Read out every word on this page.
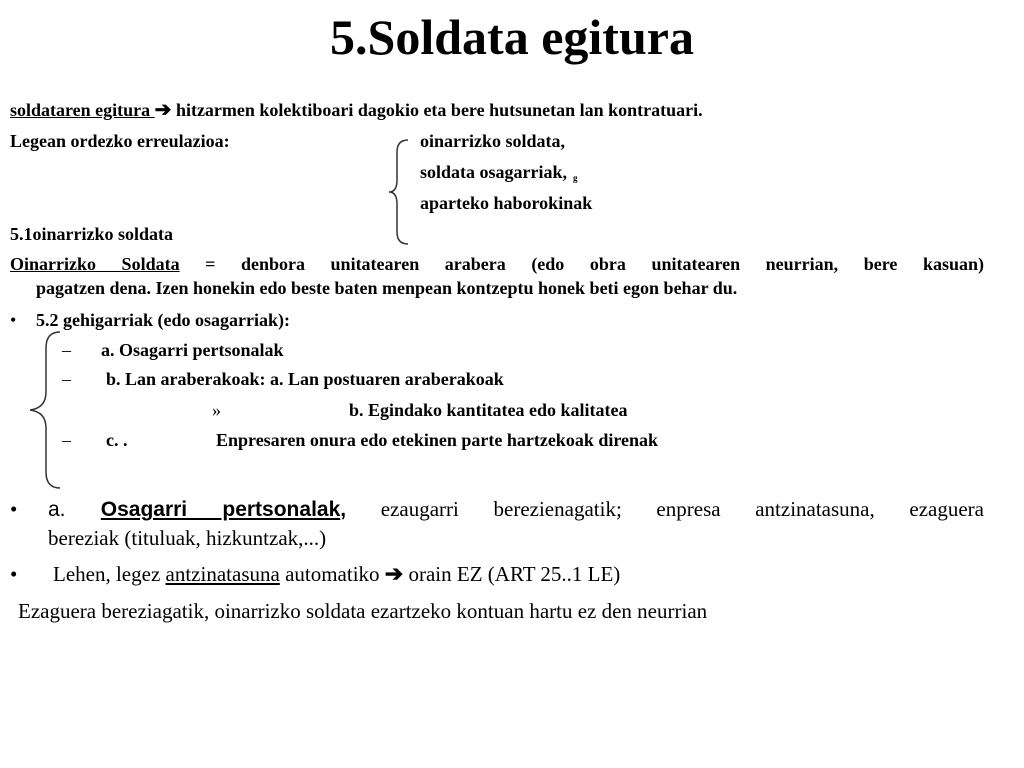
5.Soldata egitura
soldataren egitura ➔ hitzarmen kolektiboari dagokio eta bere hutsunetan lan kontratuari.
Legean ordezko erreulazioa:	oinarrizko soldata,
soldata osagarriak, g
aparteko haborokinak
5.1oinarrizko soldata
Oinarrizko Soldata = denbora unitatearen arabera (edo obra unitatearen neurrian, bere kasuan)
pagatzen dena. Izen honekin edo beste baten menpean kontzeptu honek beti egon behar du.
• 5.2 gehigarriak (edo osagarriak):
– a. Osagarri pertsonalak
– b. Lan araberakoak: a. Lan postuaren araberakoak
»	b. Egindako kantitatea edo kalitatea
– c. .	Enpresaren onura edo etekinen parte hartzekoak direnak
• a. Osagarri pertsonalak, ezaugarri berezienagatik; enpresa antzinatasuna, ezaguera
bereziak (tituluak, hizkuntzak,...)
• Lehen, legez antzinatasuna automatiko ➔ orain EZ (ART 25..1 LE)
Ezaguera bereziagatik, oinarrizko soldata ezartzeko kontuan hartu ez den neurrian
